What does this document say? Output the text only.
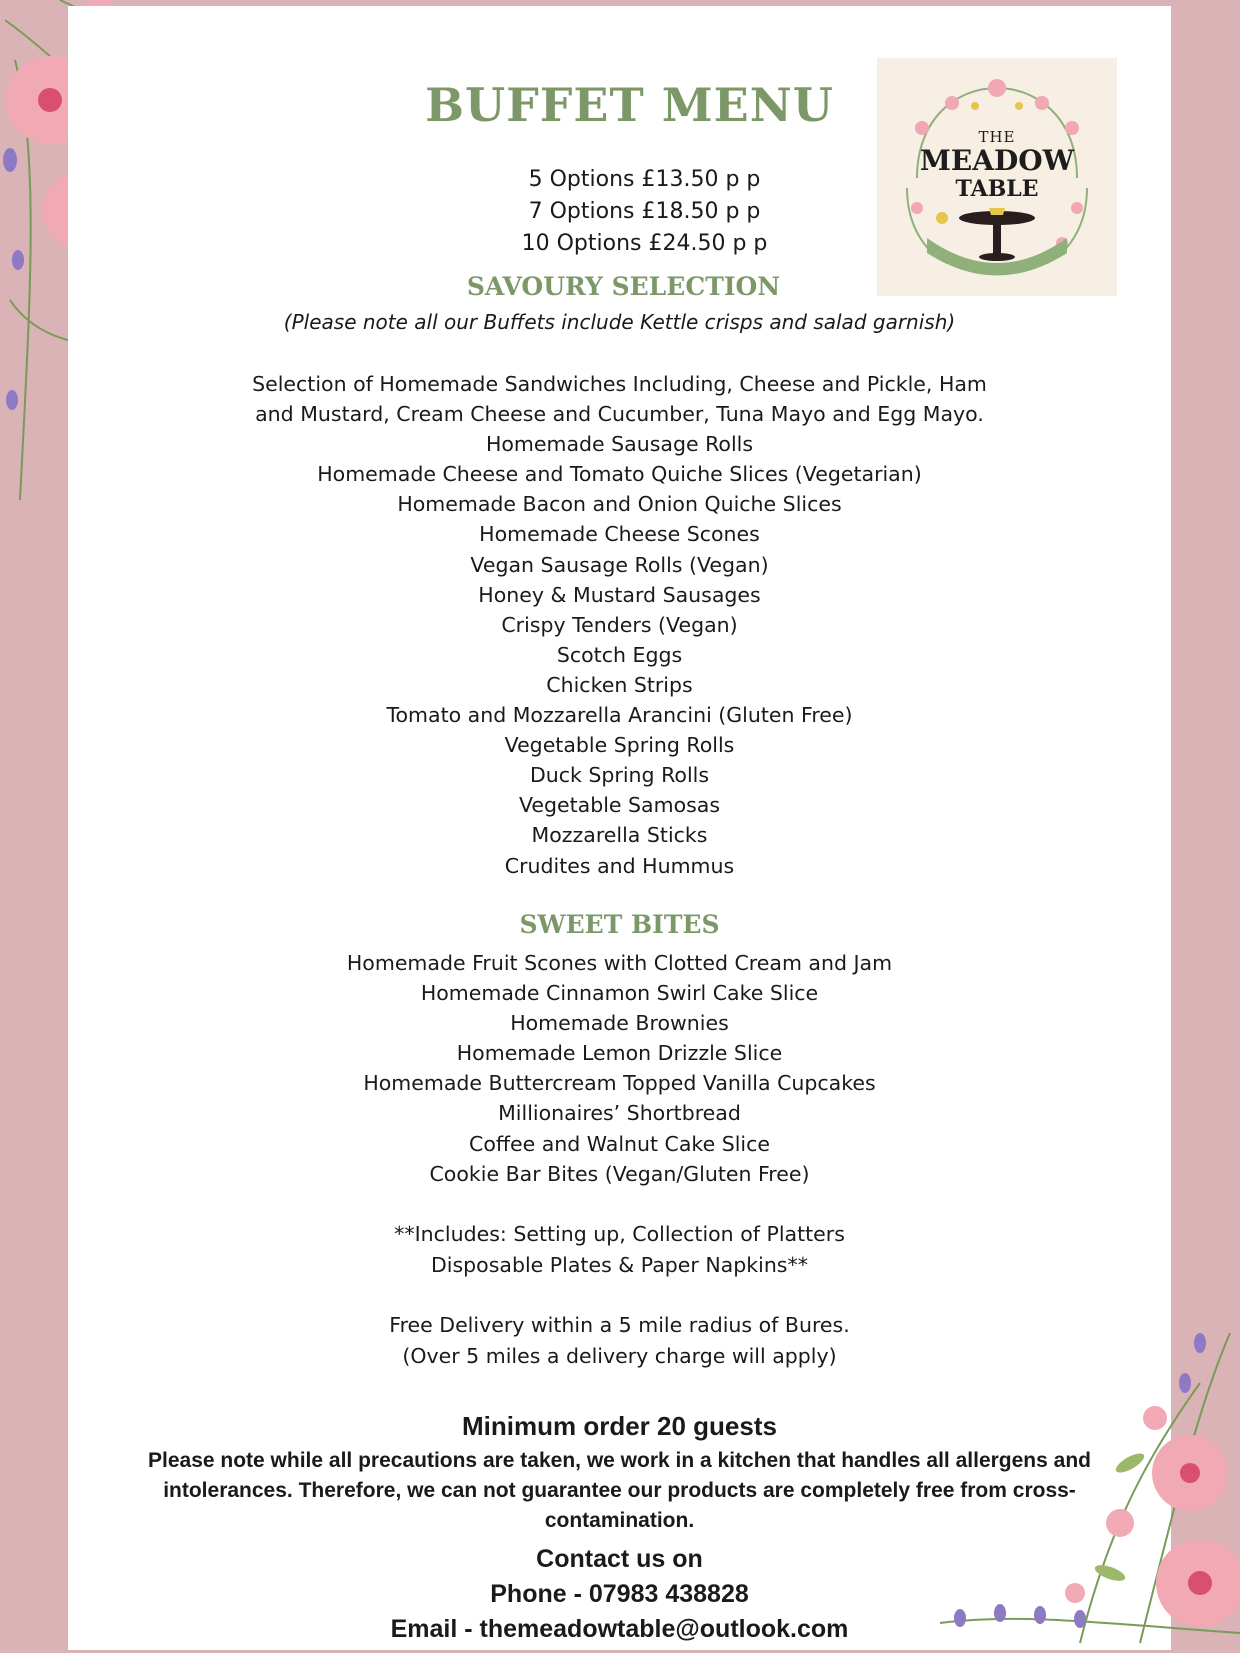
BUFFET MENU
5 Options £13.50 p p
7 Options £18.50 p p
10 Options £24.50 p p
SAVOURY SELECTION

(Please note all our Buffets include Kettle crisps and salad garnish)

Selection of Homemade Sandwiches Including, Cheese and Pickle, Ham
and Mustard, Cream Cheese and Cucumber, Tuna Mayo and Egg Mayo.
Homemade Sausage Rolls
Homemade Cheese and Tomato Quiche Slices (Vegetarian)
Homemade Bacon and Onion Quiche Slices
Homemade Cheese Scones
Vegan Sausage Rolls (Vegan)
Honey & Mustard Sausages
Crispy Tenders (Vegan)
Scotch Eggs
Chicken Strips
Tomato and Mozzarella Arancini (Gluten Free)
Vegetable Spring Rolls
Duck Spring Rolls
Vegetable Samosas
Mozzarella Sticks
Crudites and Hummus
SWEET BITES
Homemade Fruit Scones with Clotted Cream and Jam
Homemade Cinnamon Swirl Cake Slice
Homemade Brownies
Homemade Lemon Drizzle Slice
Homemade Buttercream Topped Vanilla Cupcakes
Millionaires’ Shortbread
Coffee and Walnut Cake Slice
Cookie Bar Bites (Vegan/Gluten Free)
**Includes: Setting up, Collection of Platters
Disposable Plates & Paper Napkins**
Free Delivery within a 5 mile radius of Bures.
(Over 5 miles a delivery charge will apply)
Minimum order 20 guests

Please note while all precautions are taken, we work in a kitchen that handles all allergens and intolerances. Therefore, we can not guarantee our products are completely free from cross-contamination.

Contact us on
Phone - 07983 438828
Email - themeadowtable@outlook.com
THE
MEADOW
TABLE
